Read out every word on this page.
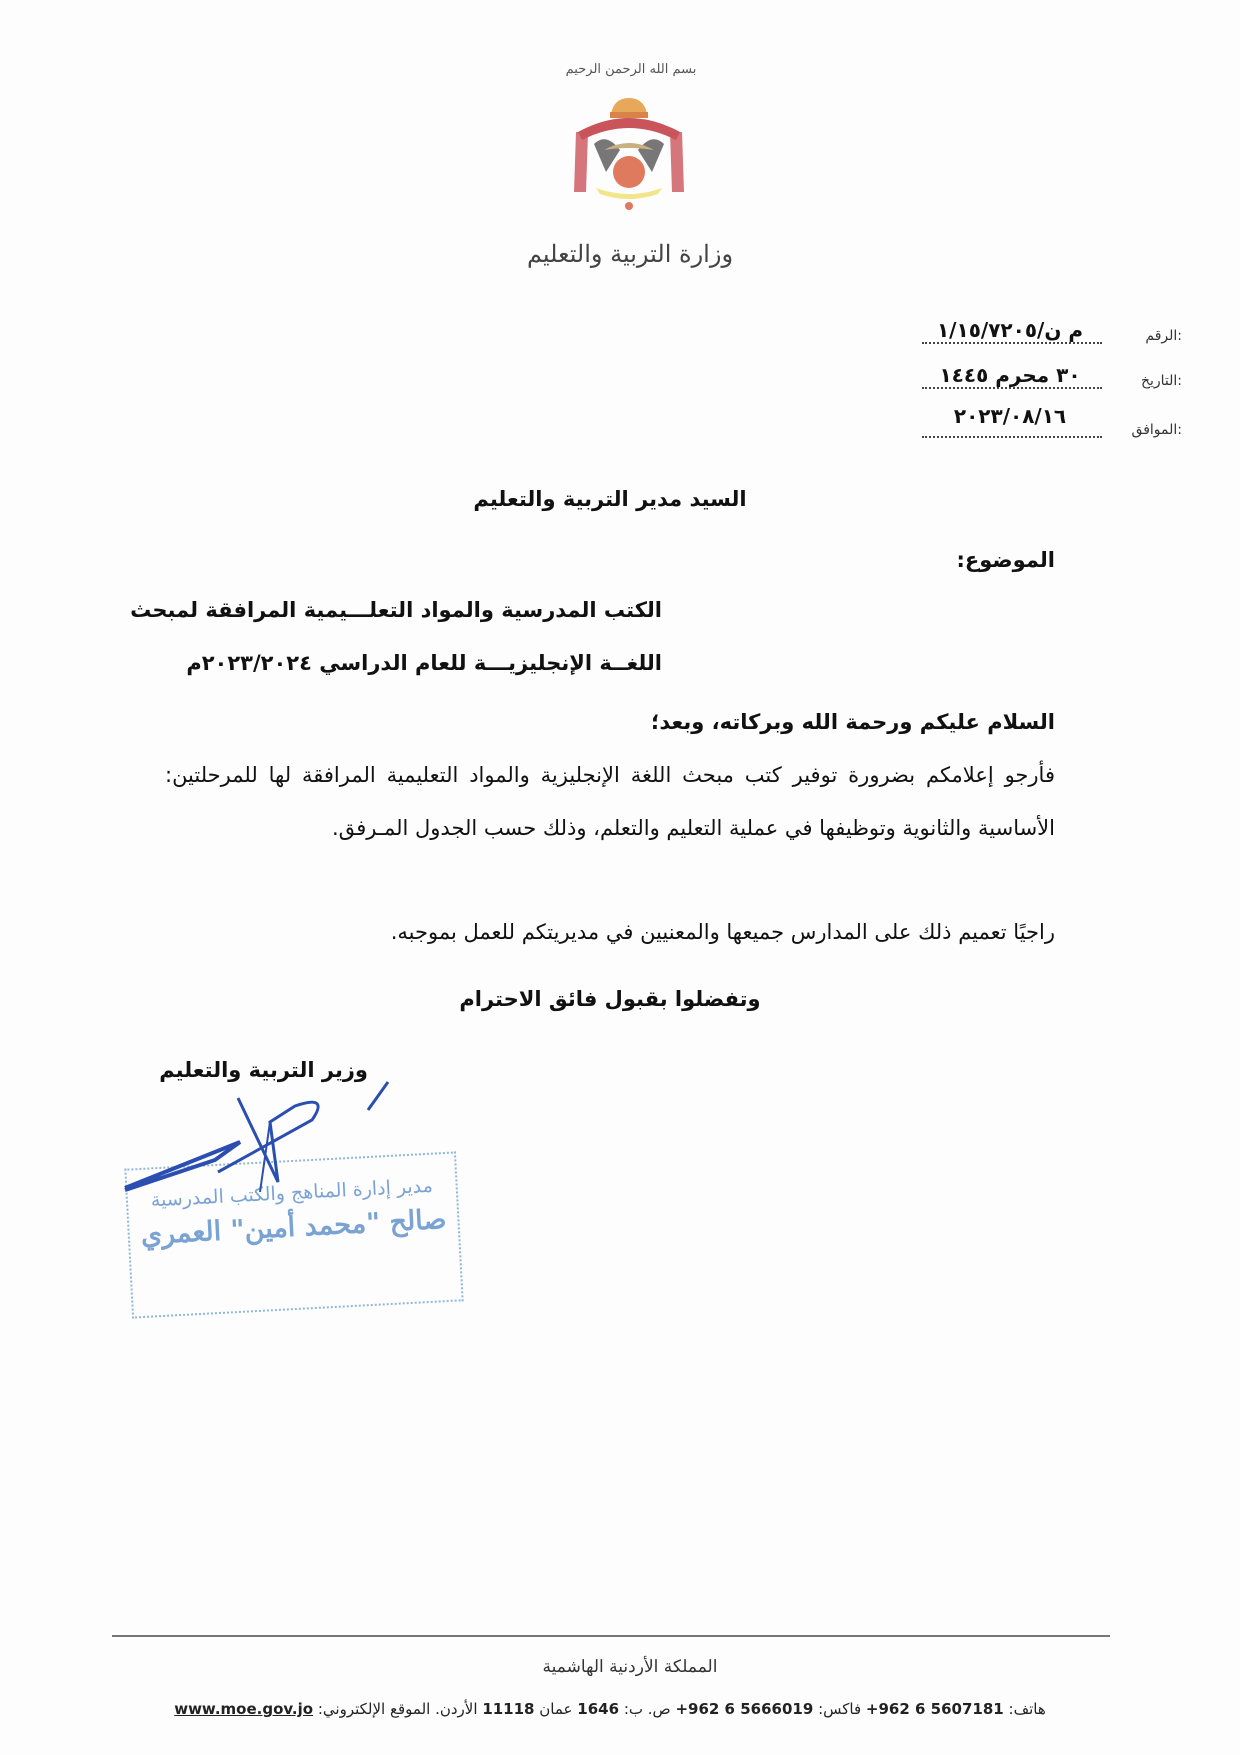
بسم الله الرحمن الرحيم
وزارة التربية والتعليم
الرقم:
م ن/١/١٥/٧٢٠٥
التاريخ:
٣٠ محرم ١٤٤٥
الموافق:
٢٠٢٣/٠٨/١٦
السيد مدير التربية والتعليم
الموضوع:
الكتب المدرسية والمواد التعلـــيمية المرافقة لمبحث
اللغــة الإنجليزيـــة للعام الدراسي ٢٠٢٣/٢٠٢٤م
السلام عليكم ورحمة الله وبركاته، وبعد؛
فأرجو إعلامكم بضرورة توفير كتب مبحث اللغة الإنجليزية والمواد التعليمية المرافقة لها للمرحلتين: الأساسية والثانوية وتوظيفها في عملية التعليم والتعلم، وذلك حسب الجدول المـرفق.
راجيًا تعميم ذلك على المدارس جميعها والمعنيين في مديريتكم للعمل بموجبه.
وتفضلوا بقبول فائق الاحترام
وزير التربية والتعليم
مدير إدارة المناهج والكتب المدرسية
صالح "محمد أمين" العمري
المملكة الأردنية الهاشمية
هاتف: +962 6 5607181 فاكس: +962 6 5666019 ص. ب: 1646 عمان 11118 الأردن. الموقع الإلكتروني: www.moe.gov.jo
